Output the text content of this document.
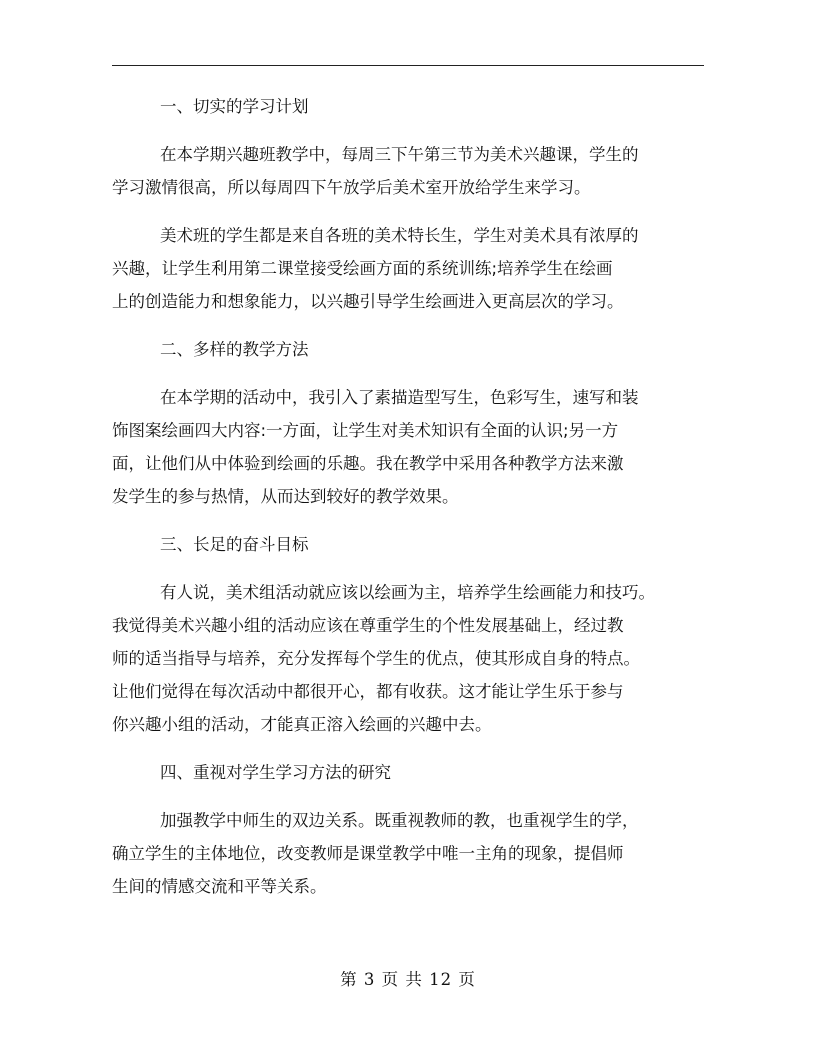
一、切实的学习计划

在本学期兴趣班教学中，每周三下午第三节为美术兴趣课，学生的
学习激情很高，所以每周四下午放学后美术室开放给学生来学习。

美术班的学生都是来自各班的美术特长生，学生对美术具有浓厚的
兴趣，让学生利用第二课堂接受绘画方面的系统训练;培养学生在绘画
上的创造能力和想象能力，以兴趣引导学生绘画进入更高层次的学习。

二、多样的教学方法

在本学期的活动中，我引入了素描造型写生，色彩写生，速写和装
饰图案绘画四大内容:一方面，让学生对美术知识有全面的认识;另一方
面，让他们从中体验到绘画的乐趣。我在教学中采用各种教学方法来激
发学生的参与热情，从而达到较好的教学效果。

三、长足的奋斗目标

有人说，美术组活动就应该以绘画为主，培养学生绘画能力和技巧。
我觉得美术兴趣小组的活动应该在尊重学生的个性发展基础上，经过教
师的适当指导与培养，充分发挥每个学生的优点，使其形成自身的特点。
让他们觉得在每次活动中都很开心，都有收获。这才能让学生乐于参与
你兴趣小组的活动，才能真正溶入绘画的兴趣中去。

四、重视对学生学习方法的研究

加强教学中师生的双边关系。既重视教师的教，也重视学生的学，
确立学生的主体地位，改变教师是课堂教学中唯一主角的现象，提倡师
生间的情感交流和平等关系。

第 3 页 共 12 页
